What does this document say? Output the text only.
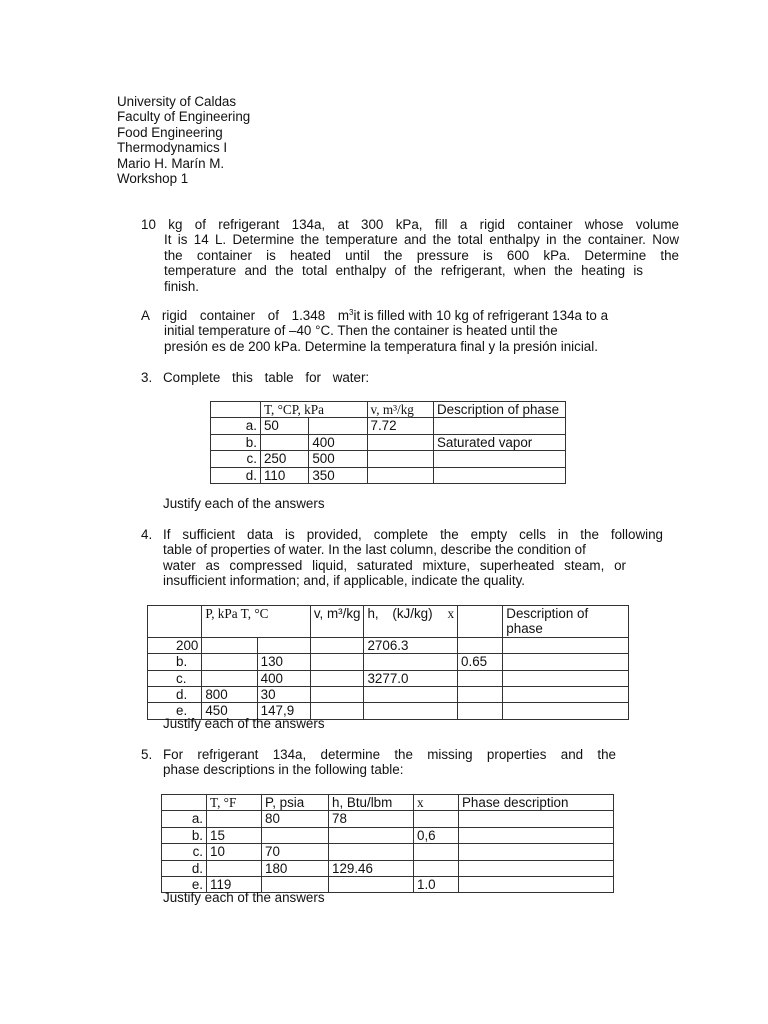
University of Caldas
Faculty of Engineering
Food Engineering
Thermodynamics I
Mario H. Marín M.
Workshop 1
10 kg of refrigerant 134a, at 300 kPa, fill a rigid container whose volume
It is 14 L. Determine the temperature and the total enthalpy in the container. Now
the container is heated until the pressure is 600 kPa. Determine the
temperature and the total enthalpy of the refrigerant, when the heating is
finish.
A rigid container of 1.348 $m^3it$ is filled with 10 kg of refrigerant 134a to a
initial temperature of –40 °C. Then the container is heated until the
presión es de 200 kPa. Determine la temperatura final y la presión inicial.
3. Complete this table for water:
	T, °CP, kPa		v, m³/kg	Description of phase
a.	50		7.72	
b.		400		Saturated vapor
c.	250	500		
d.	110	350		
Justify each of the answers
4. If sufficient data is provided, complete the empty cells in the following
table of properties of water. In the last column, describe the condition of
water as compressed liquid, saturated mixture, superheated steam, or
insufficient information; and, if applicable, indicate the quality.
	P, kPa T, °C		v, m³/kg	h, (kJ/kg) x		Description of phase
200				2706.3		
b.		130			0.65	
c.		400		3277.0		
d.	800	30				
e.	450	147,9				
Justify each of the answers
5. For refrigerant 134a, determine the missing properties and the
phase descriptions in the following table:
	T, °F	P, psia	h, Btu/lbm	x	Phase description
a.		80	78		
b.	15			0,6	
c.	10	70			
d.		180	129.46		
e.	119			1.0	
Justify each of the answers
